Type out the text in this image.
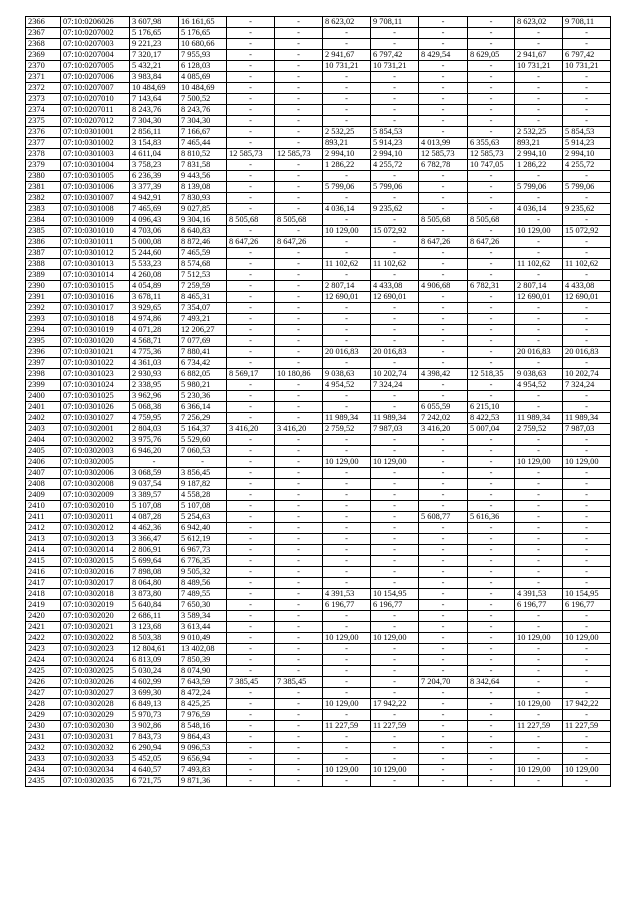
2366	07:10:0206026	3 607,98	16 161,65	-	-	8 623,02	9 708,11	-	-	8 623,02	9 708,11
2367	07:10:0207002	5 176,65	5 176,65	-	-	-	-	-	-	-	-
2368	07:10:0207003	9 221,23	10 680,66	-	-	-	-	-	-	-	-
2369	07:10:0207004	7 320,17	7 955,93	-	-	2 941,67	6 797,42	8 429,54	8 629,05	2 941,67	6 797,42
2370	07:10:0207005	5 432,21	6 128,03	-	-	10 731,21	10 731,21	-	-	10 731,21	10 731,21
2371	07:10:0207006	3 983,84	4 085,69	-	-	-	-	-	-	-	-
2372	07:10:0207007	10 484,69	10 484,69	-	-	-	-	-	-	-	-
2373	07:10:0207010	7 143,64	7 500,52	-	-	-	-	-	-	-	-
2374	07:10:0207011	8 243,76	8 243,76	-	-	-	-	-	-	-	-
2375	07:10:0207012	7 304,30	7 304,30	-	-	-	-	-	-	-	-
2376	07:10:0301001	2 856,11	7 166,67	-	-	2 532,25	5 854,53	-	-	2 532,25	5 854,53
2377	07:10:0301002	3 154,83	7 465,44	-	-	893,21	5 914,23	4 013,99	6 355,63	893,21	5 914,23
2378	07:10:0301003	4 611,04	8 810,52	12 585,73	12 585,73	2 994,10	2 994,10	12 585,73	12 585,73	2 994,10	2 994,10
2379	07:10:0301004	3 758,23	7 831,58	-	-	1 286,22	4 255,72	6 782,78	10 747,05	1 286,22	4 255,72
2380	07:10:0301005	6 236,39	9 443,56	-	-	-	-	-	-	-	-
2381	07:10:0301006	3 377,39	8 139,08	-	-	5 799,06	5 799,06	-	-	5 799,06	5 799,06
2382	07:10:0301007	4 942,91	7 830,93	-	-	-	-	-	-	-	-
2383	07:10:0301008	7 465,69	9 027,85	-	-	4 036,14	9 235,62	-	-	4 036,14	9 235,62
2384	07:10:0301009	4 096,43	9 304,16	8 505,68	8 505,68	-	-	8 505,68	8 505,68	-	-
2385	07:10:0301010	4 703,06	8 640,83	-	-	10 129,00	15 072,92	-	-	10 129,00	15 072,92
2386	07:10:0301011	5 000,08	8 872,46	8 647,26	8 647,26	-	-	8 647,26	8 647,26	-	-
2387	07:10:0301012	5 244,60	7 465,59	-	-	-	-	-	-	-	-
2388	07:10:0301013	5 533,23	8 574,68	-	-	11 102,62	11 102,62	-	-	11 102,62	11 102,62
2389	07:10:0301014	4 260,08	7 512,53	-	-	-	-	-	-	-	-
2390	07:10:0301015	4 054,89	7 259,59	-	-	2 807,14	4 433,08	4 906,68	6 782,31	2 807,14	4 433,08
2391	07:10:0301016	3 678,11	8 465,31	-	-	12 690,01	12 690,01	-	-	12 690,01	12 690,01
2392	07:10:0301017	3 929,65	7 354,07	-	-	-	-	-	-	-	-
2393	07:10:0301018	4 974,86	7 493,21	-	-	-	-	-	-	-	-
2394	07:10:0301019	4 071,28	12 206,27	-	-	-	-	-	-	-	-
2395	07:10:0301020	4 568,71	7 077,69	-	-	-	-	-	-	-	-
2396	07:10:0301021	4 775,36	7 880,41	-	-	20 016,83	20 016,83	-	-	20 016,83	20 016,83
2397	07:10:0301022	4 361,03	6 734,42	-	-	-	-	-	-	-	-
2398	07:10:0301023	2 930,93	6 882,05	8 569,17	10 180,86	9 038,63	10 202,74	4 398,42	12 518,35	9 038,63	10 202,74
2399	07:10:0301024	2 338,95	5 980,21	-	-	4 954,52	7 324,24	-	-	4 954,52	7 324,24
2400	07:10:0301025	3 962,96	5 230,36	-	-	-	-	-	-	-	-
2401	07:10:0301026	5 068,38	6 366,14	-	-	-	-	6 055,59	6 215,10	-	-
2402	07:10:0301027	4 759,95	7 256,29	-	-	11 989,34	11 989,34	7 242,02	8 422,53	11 989,34	11 989,34
2403	07:10:0302001	2 804,03	5 164,37	3 416,20	3 416,20	2 759,52	7 987,03	3 416,20	5 007,04	2 759,52	7 987,03
2404	07:10:0302002	3 975,76	5 529,60	-	-	-	-	-	-	-	-
2405	07:10:0302003	6 946,20	7 060,53	-	-	-	-	-	-	-	-
2406	07:10:0302005	-	-	-	-	10 129,00	10 129,00	-	-	10 129,00	10 129,00
2407	07:10:0302006	3 068,59	3 856,45	-	-	-	-	-	-	-	-
2408	07:10:0302008	9 037,54	9 187,82	-	-	-	-	-	-	-	-
2409	07:10:0302009	3 389,57	4 558,28	-	-	-	-	-	-	-	-
2410	07:10:0302010	5 107,08	5 107,08	-	-	-	-	-	-	-	-
2411	07:10:0302011	4 087,28	5 254,63	-	-	-	-	5 608,77	5 616,36	-	-
2412	07:10:0302012	4 462,36	6 942,40	-	-	-	-	-	-	-	-
2413	07:10:0302013	3 366,47	5 612,19	-	-	-	-	-	-	-	-
2414	07:10:0302014	2 806,91	6 967,73	-	-	-	-	-	-	-	-
2415	07:10:0302015	5 699,64	6 776,35	-	-	-	-	-	-	-	-
2416	07:10:0302016	7 898,08	9 505,32	-	-	-	-	-	-	-	-
2417	07:10:0302017	8 064,80	8 489,56	-	-	-	-	-	-	-	-
2418	07:10:0302018	3 873,80	7 489,55	-	-	4 391,53	10 154,95	-	-	4 391,53	10 154,95
2419	07:10:0302019	5 640,84	7 650,30	-	-	6 196,77	6 196,77	-	-	6 196,77	6 196,77
2420	07:10:0302020	2 686,11	3 589,34	-	-	-	-	-	-	-	-
2421	07:10:0302021	3 123,68	3 613,44	-	-	-	-	-	-	-	-
2422	07:10:0302022	8 503,38	9 010,49	-	-	10 129,00	10 129,00	-	-	10 129,00	10 129,00
2423	07:10:0302023	12 804,61	13 402,08	-	-	-	-	-	-	-	-
2424	07:10:0302024	6 813,09	7 850,39	-	-	-	-	-	-	-	-
2425	07:10:0302025	5 030,24	8 074,90	-	-	-	-	-	-	-	-
2426	07:10:0302026	4 602,99	7 643,59	7 385,45	7 385,45	-	-	7 204,70	8 342,64	-	-
2427	07:10:0302027	3 699,30	8 472,24	-	-	-	-	-	-	-	-
2428	07:10:0302028	6 849,13	8 425,25	-	-	10 129,00	17 942,22	-	-	10 129,00	17 942,22
2429	07:10:0302029	5 970,73	7 976,59	-	-	-	-	-	-	-	-
2430	07:10:0302030	3 902,86	8 548,16	-	-	11 227,59	11 227,59	-	-	11 227,59	11 227,59
2431	07:10:0302031	7 843,73	9 864,43	-	-	-	-	-	-	-	-
2432	07:10:0302032	6 290,94	9 096,53	-	-	-	-	-	-	-	-
2433	07:10:0302033	5 452,05	9 656,94	-	-	-	-	-	-	-	-
2434	07:10:0302034	4 640,57	7 493,83	-	-	10 129,00	10 129,00	-	-	10 129,00	10 129,00
2435	07:10:0302035	6 721,75	9 871,36	-	-	-	-	-	-	-	-
